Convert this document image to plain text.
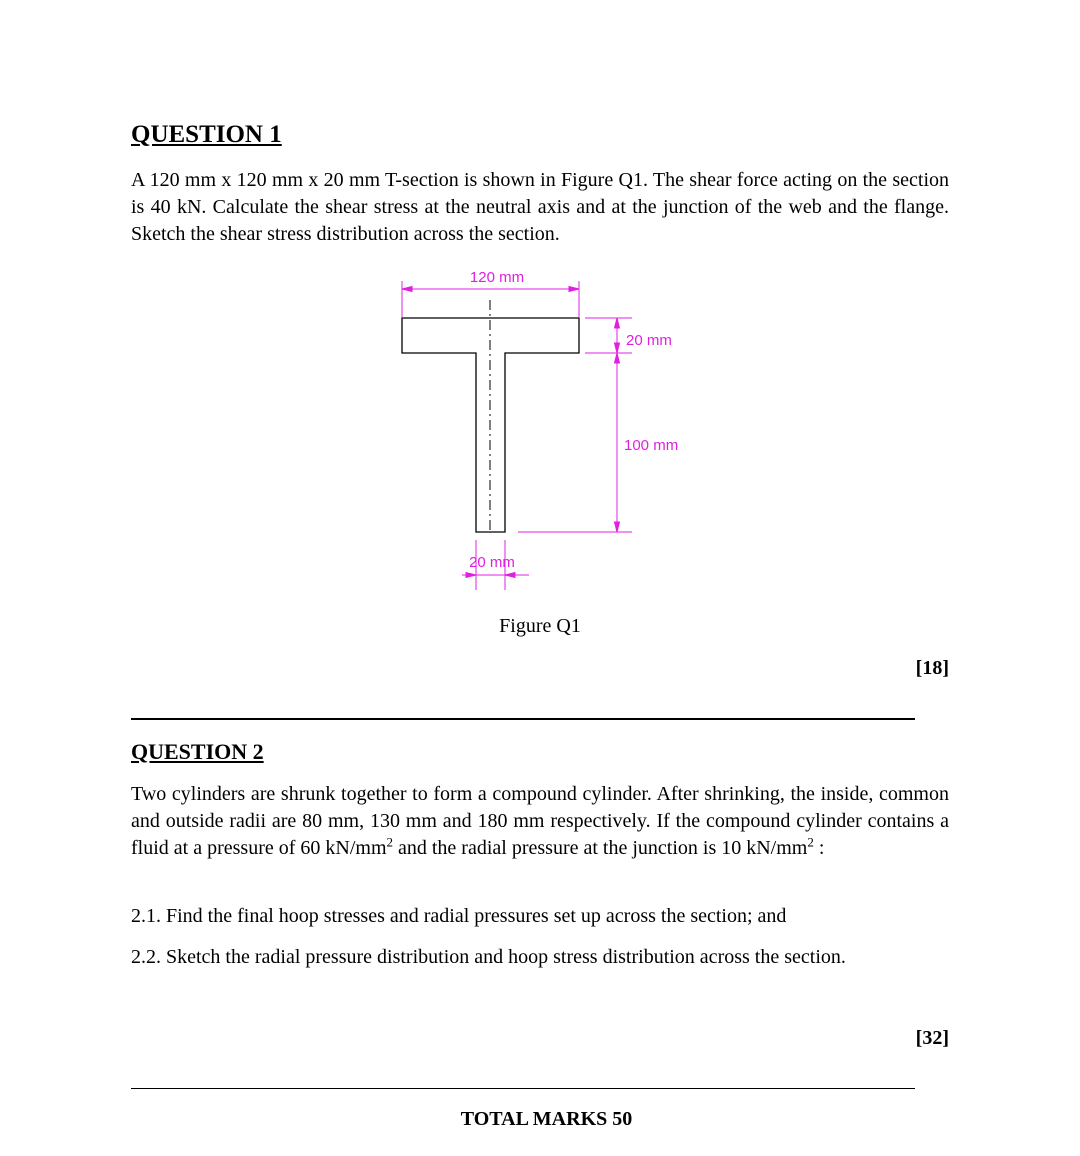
QUESTION 1

A 120 mm x 120 mm x 20 mm T-section is shown in Figure Q1. The shear force acting on the section is 40 kN. Calculate the shear stress at the neutral axis and at the junction of the web and the flange. Sketch the shear stress distribution across the section.

120 mm
20 mm
100 mm
20 mm
Figure Q1
[18]
QUESTION 2

Two cylinders are shrunk together to form a compound cylinder. After shrinking, the inside, common and outside radii are 80 mm, 130 mm and 180 mm respectively. If the compound cylinder contains a fluid at a pressure of 60 $kN/mm^2$ and the radial pressure at the junction is 10 $kN/mm^2$ :

2.1. Find the final hoop stresses and radial pressures set up across the section; and

2.2. Sketch the radial pressure distribution and hoop stress distribution across the section.

[32]
TOTAL MARKS 50
